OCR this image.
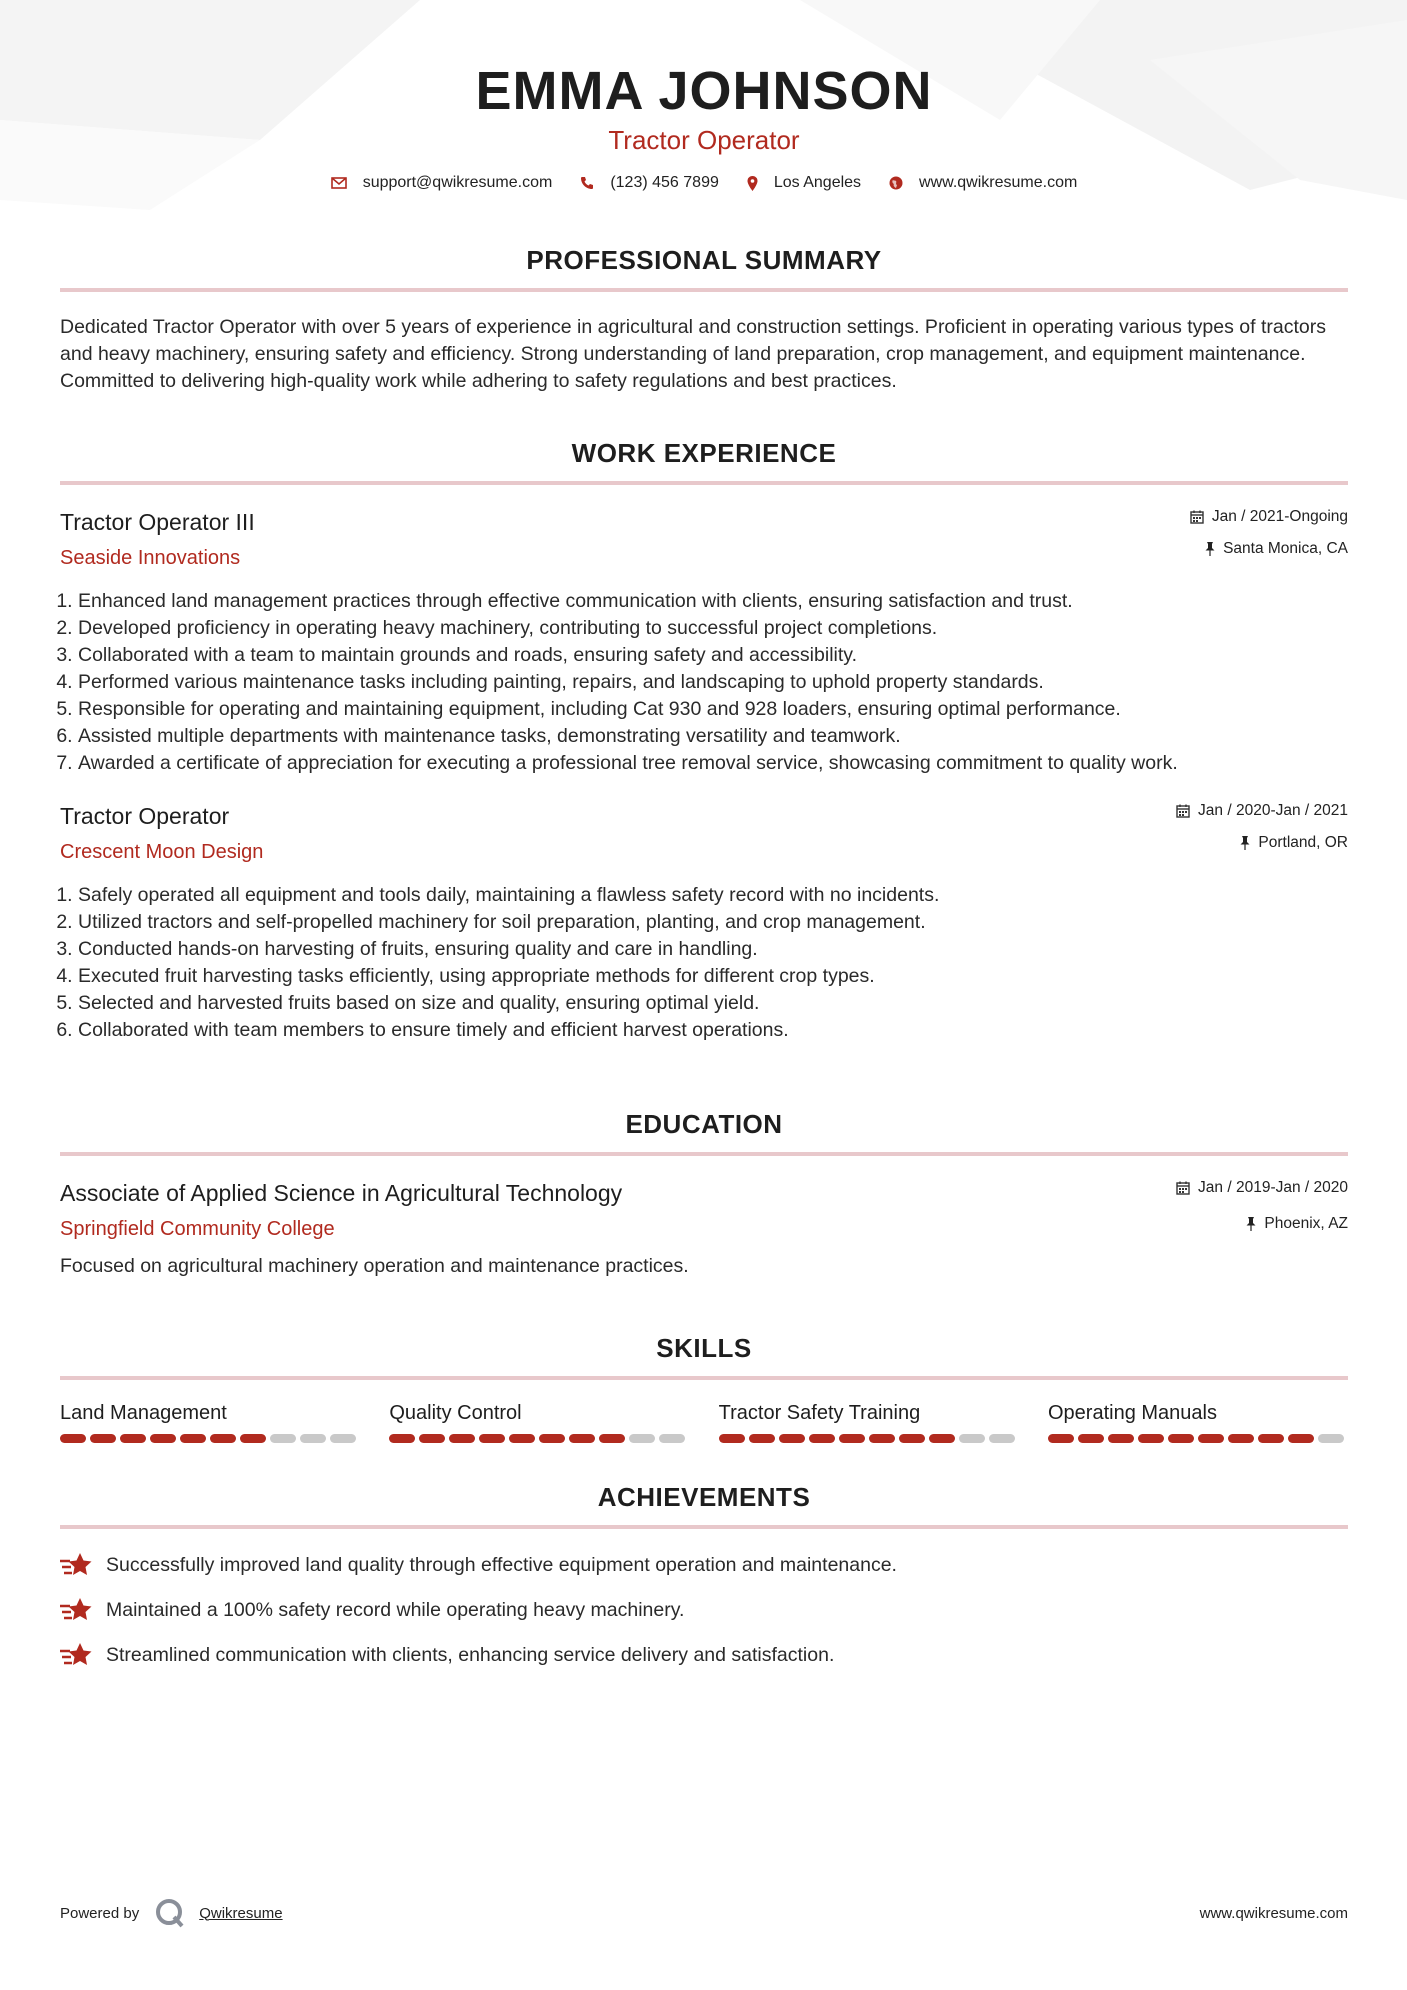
EMMA JOHNSON
Tractor Operator
support@qwikresume.com	(123) 456 7899	Los Angeles	www.qwikresume.com
PROFESSIONAL SUMMARY
Dedicated Tractor Operator with over 5 years of experience in agricultural and construction settings. Proficient in operating various types of tractors and heavy machinery, ensuring safety and efficiency. Strong understanding of land preparation, crop management, and equipment maintenance. Committed to delivering high-quality work while adhering to safety regulations and best practices.
WORK EXPERIENCE
Tractor Operator III
Seaside Innovations
Jan / 2021-Ongoing
Santa Monica, CA
1. Enhanced land management practices through effective communication with clients, ensuring satisfaction and trust.
2. Developed proficiency in operating heavy machinery, contributing to successful project completions.
3. Collaborated with a team to maintain grounds and roads, ensuring safety and accessibility.
4. Performed various maintenance tasks including painting, repairs, and landscaping to uphold property standards.
5. Responsible for operating and maintaining equipment, including Cat 930 and 928 loaders, ensuring optimal performance.
6. Assisted multiple departments with maintenance tasks, demonstrating versatility and teamwork.
7. Awarded a certificate of appreciation for executing a professional tree removal service, showcasing commitment to quality work.
Tractor Operator
Crescent Moon Design
Jan / 2020-Jan / 2021
Portland, OR
1. Safely operated all equipment and tools daily, maintaining a flawless safety record with no incidents.
2. Utilized tractors and self-propelled machinery for soil preparation, planting, and crop management.
3. Conducted hands-on harvesting of fruits, ensuring quality and care in handling.
4. Executed fruit harvesting tasks efficiently, using appropriate methods for different crop types.
5. Selected and harvested fruits based on size and quality, ensuring optimal yield.
6. Collaborated with team members to ensure timely and efficient harvest operations.
EDUCATION
Associate of Applied Science in Agricultural Technology
Springfield Community College
Jan / 2019-Jan / 2020
Phoenix, AZ
Focused on agricultural machinery operation and maintenance practices.
SKILLS
Land Management	Quality Control	Tractor Safety Training	Operating Manuals
ACHIEVEMENTS
Successfully improved land quality through effective equipment operation and maintenance.
Maintained a 100% safety record while operating heavy machinery.
Streamlined communication with clients, enhancing service delivery and satisfaction.
Powered by	Qwikresume	www.qwikresume.com
